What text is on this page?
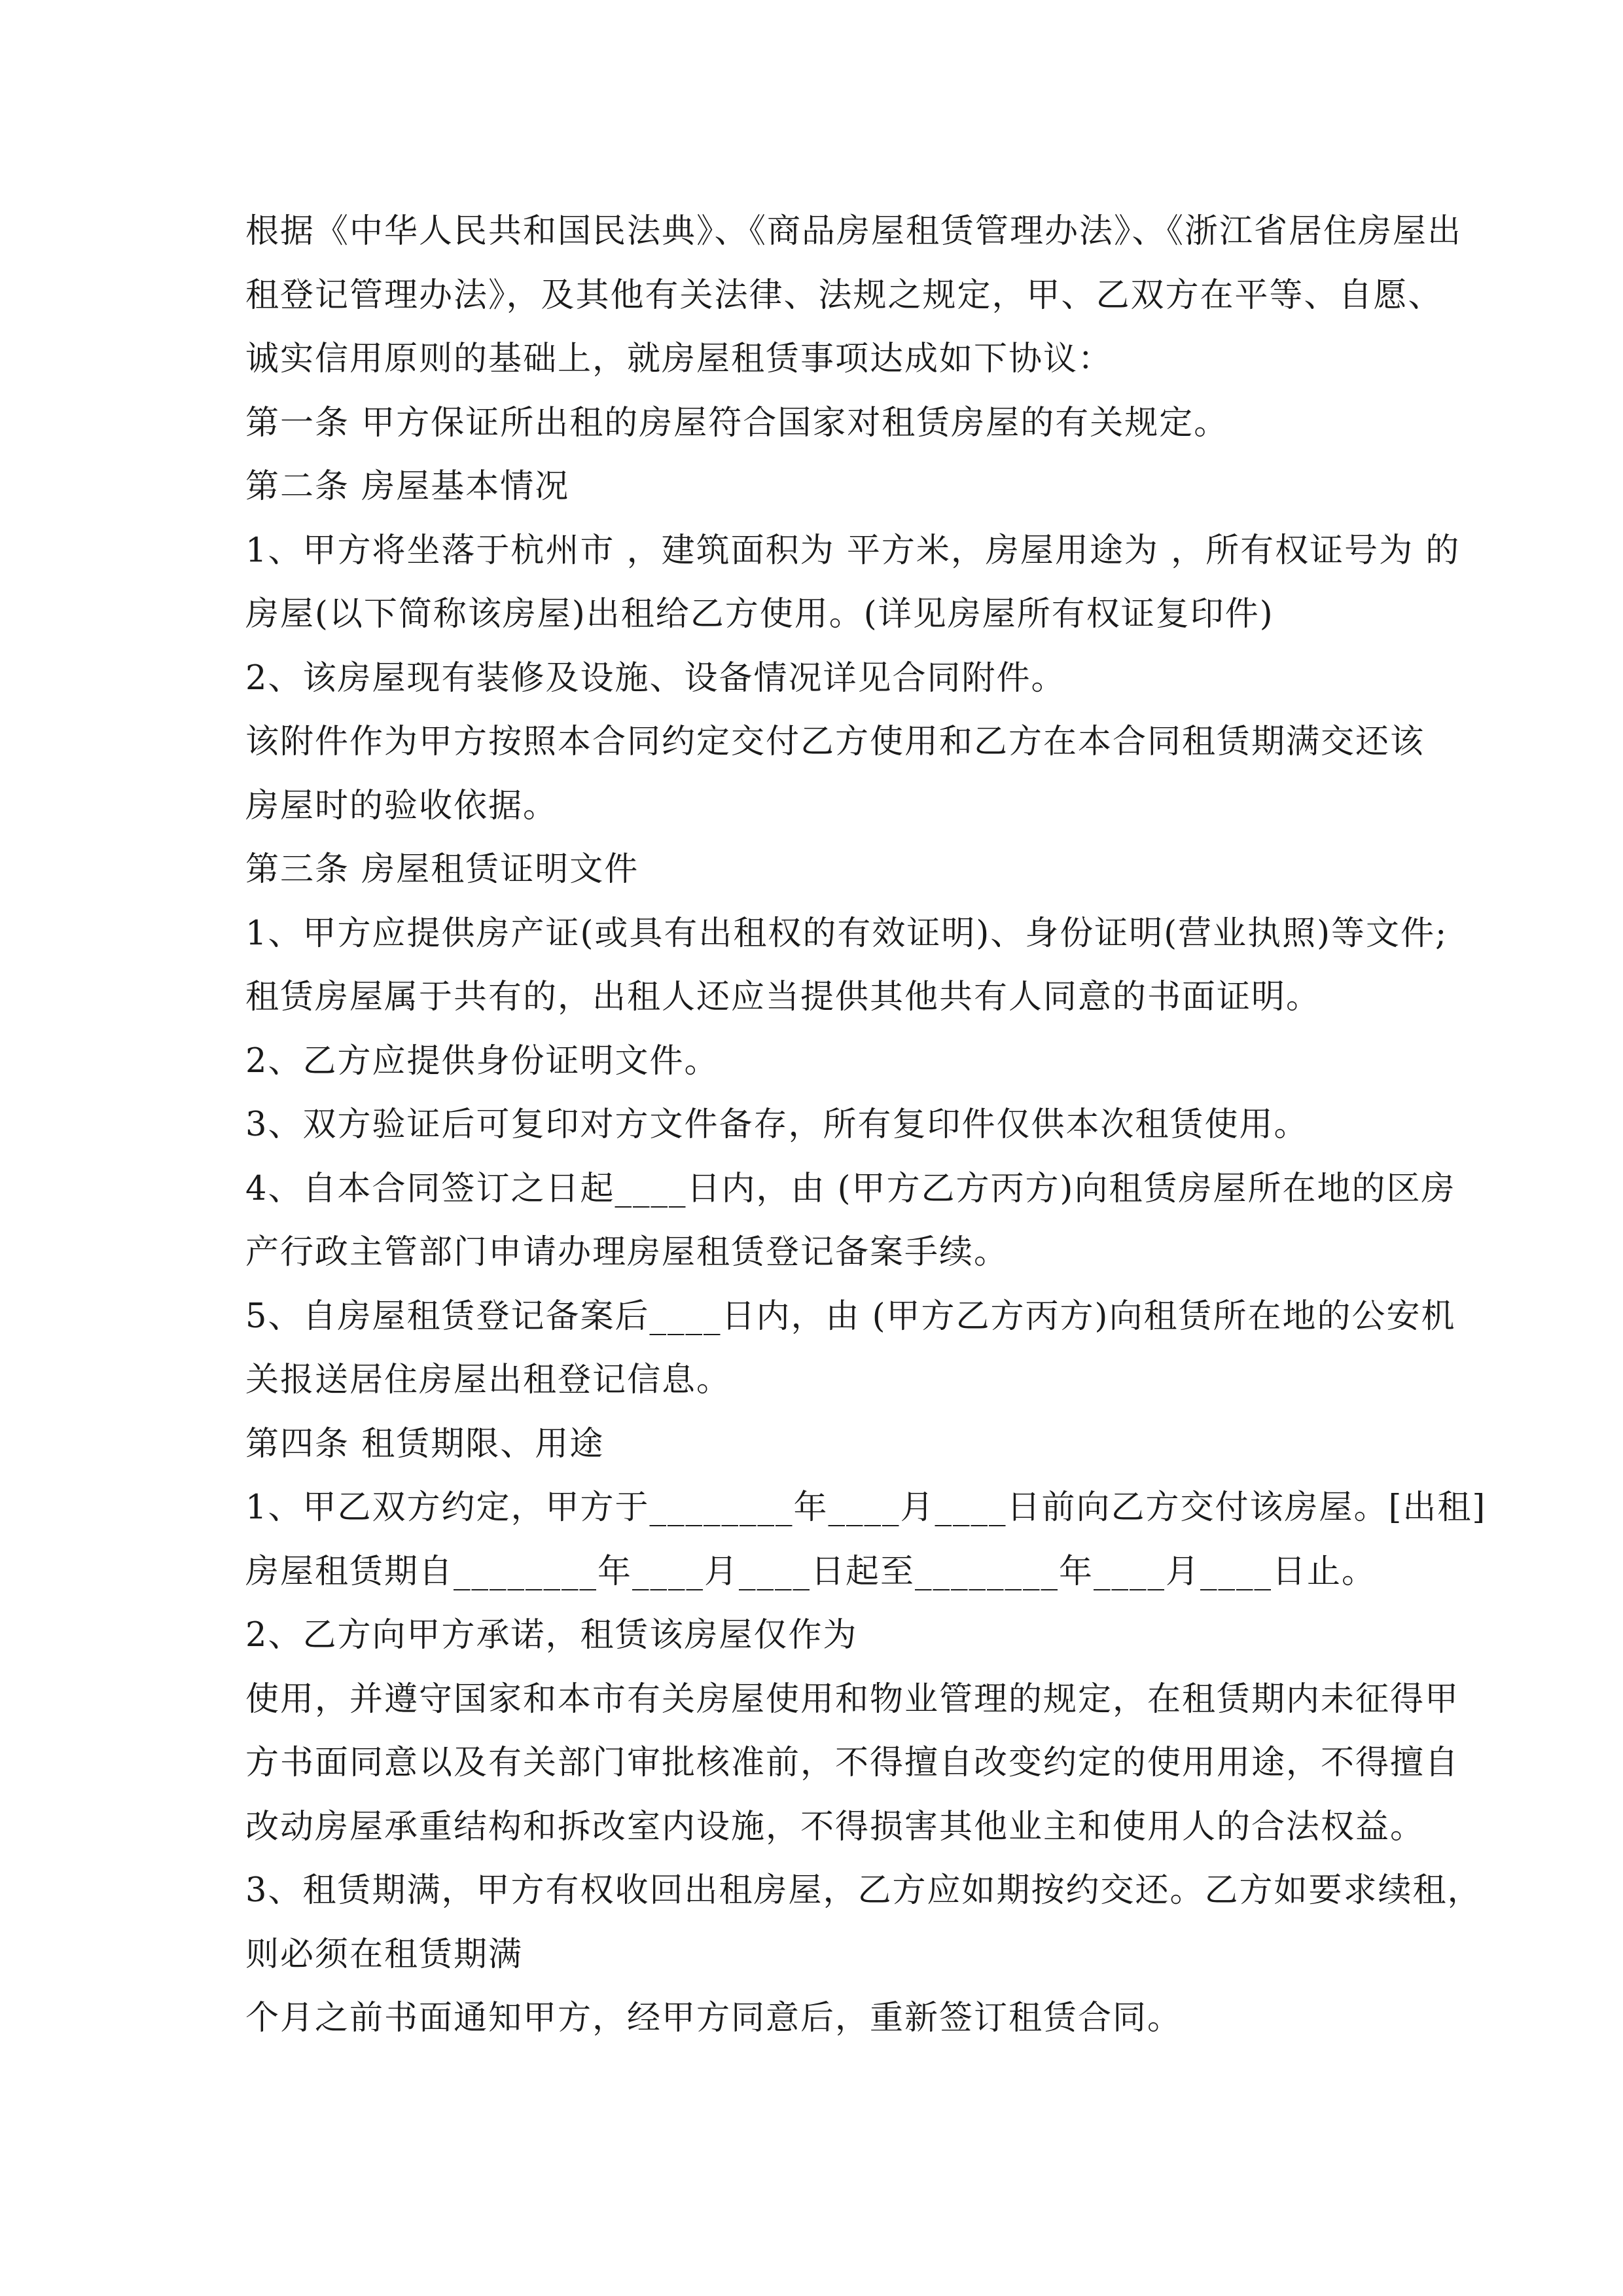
根据《中华人民共和国民法典》、《商品房屋租赁管理办法》、《浙江省居住房屋出
租登记管理办法》，及其他有关法律、法规之规定，甲、乙双方在平等、自愿、
诚实信用原则的基础上，就房屋租赁事项达成如下协议：
第一条 甲方保证所出租的房屋符合国家对租赁房屋的有关规定。
第二条 房屋基本情况
1、甲方将坐落于杭州市 ，建筑面积为 平方米，房屋用途为 ，所有权证号为 的
房屋(以下简称该房屋)出租给乙方使用。(详见房屋所有权证复印件)
2、该房屋现有装修及设施、设备情况详见合同附件。
该附件作为甲方按照本合同约定交付乙方使用和乙方在本合同租赁期满交还该
房屋时的验收依据。
第三条 房屋租赁证明文件
1、甲方应提供房产证(或具有出租权的有效证明)、身份证明(营业执照)等文件;
租赁房屋属于共有的，出租人还应当提供其他共有人同意的书面证明。
2、乙方应提供身份证明文件。
3、双方验证后可复印对方文件备存，所有复印件仅供本次租赁使用。
4、自本合同签订之日起____日内，由 (甲方乙方丙方)向租赁房屋所在地的区房
产行政主管部门申请办理房屋租赁登记备案手续。
5、自房屋租赁登记备案后____日内，由 (甲方乙方丙方)向租赁所在地的公安机
关报送居住房屋出租登记信息。
第四条 租赁期限、用途
1、甲乙双方约定，甲方于________年____月____日前向乙方交付该房屋。[出租]
房屋租赁期自________年____月____日起至________年____月____日止。
2、乙方向甲方承诺，租赁该房屋仅作为
使用，并遵守国家和本市有关房屋使用和物业管理的规定，在租赁期内未征得甲
方书面同意以及有关部门审批核准前，不得擅自改变约定的使用用途，不得擅自
改动房屋承重结构和拆改室内设施，不得损害其他业主和使用人的合法权益。
3、租赁期满，甲方有权收回出租房屋，乙方应如期按约交还。乙方如要求续租，
则必须在租赁期满
个月之前书面通知甲方，经甲方同意后，重新签订租赁合同。
